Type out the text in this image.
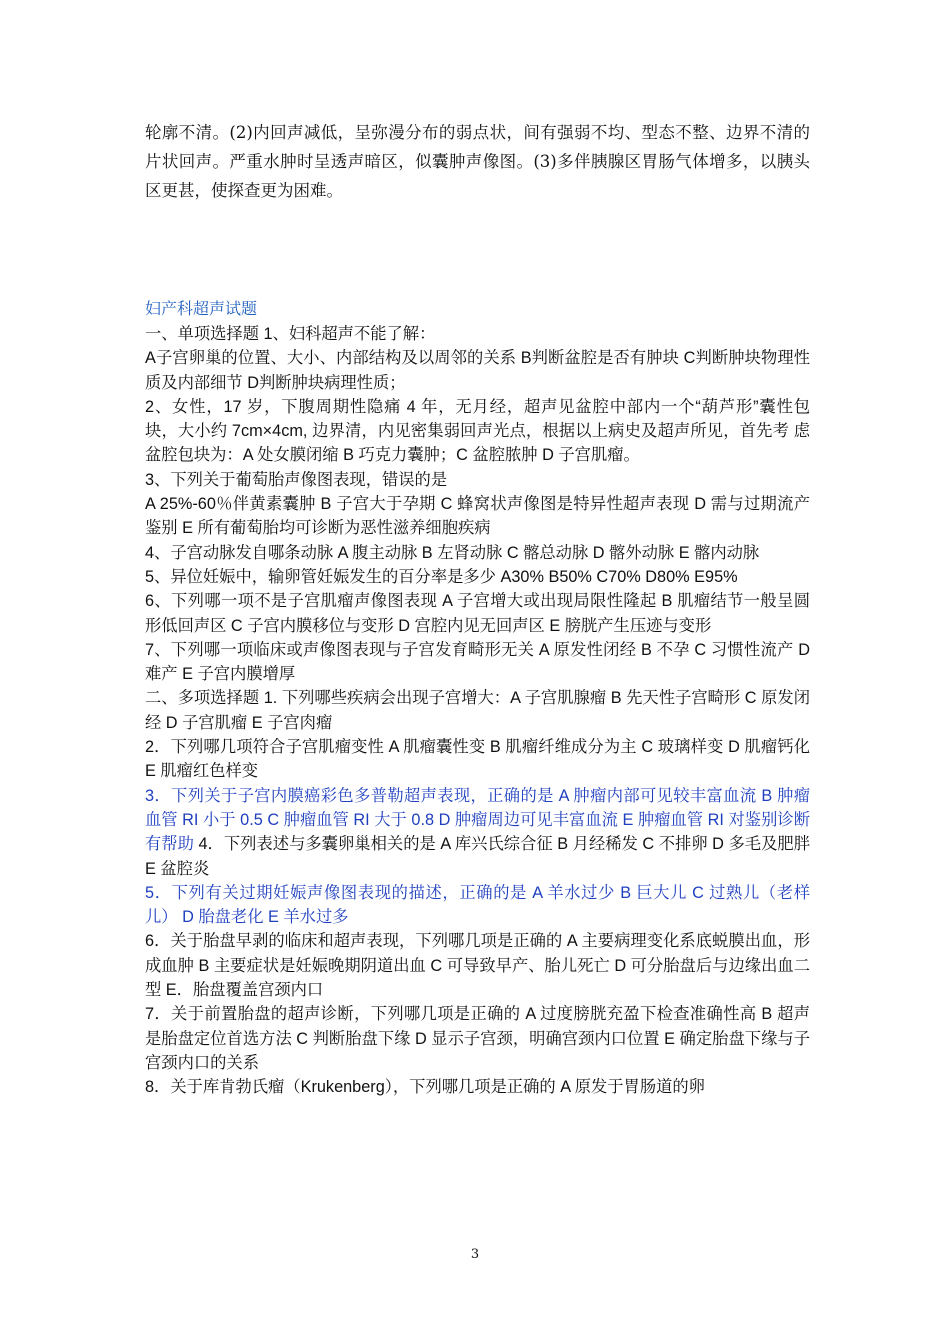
轮廓不清。(2)内回声减低，呈弥漫分布的弱点状，间有强弱不均、型态不整、边界不清的片状回声。严重水肿时呈透声暗区，似囊肿声像图。(3)多伴胰腺区胃肠气体增多，以胰头区更甚，使探查更为困难。

妇产科超声试题

一、单项选择题 1、妇科超声不能了解：

A子宫卵巢的位置、大小、内部结构及以周邻的关系 B判断盆腔是否有肿块 C判断肿块物理性质及内部细节 D判断肿块病理性质；

2、女性，17 岁，下腹周期性隐痛 4 年，无月经，超声见盆腔中部内一个“葫芦形”囊性包 块，大小约 7cm×4cm, 边界清，内见密集弱回声光点，根据以上病史及超声所见，首先考 虑盆腔包块为：A 处女膜闭缩 B 巧克力囊肿；C 盆腔脓肿 D 子宫肌瘤。

3、下列关于葡萄胎声像图表现，错误的是

A 25%-60％伴黄素囊肿 B 子宫大于孕期 C 蜂窝状声像图是特异性超声表现 D 需与过期流产鉴别 E 所有葡萄胎均可诊断为恶性滋养细胞疾病

4、子宫动脉发自哪条动脉 A 腹主动脉 B 左肾动脉 C 髂总动脉 D 髂外动脉 E 髂内动脉

5、异位妊娠中，输卵管妊娠发生的百分率是多少 A30% B50% C70% D80% E95%

6、下列哪一项不是子宫肌瘤声像图表现 A 子宫增大或出现局限性隆起 B 肌瘤结节一般呈圆形低回声区 C 子宫内膜移位与变形 D 宫腔内见无回声区 E 膀胱产生压迹与变形

7、下列哪一项临床或声像图表现与子宫发育畸形无关 A 原发性闭经 B 不孕 C 习惯性流产 D 难产 E 子宫内膜增厚

二、多项选择题 1. 下列哪些疾病会出现子宫增大：A 子宫肌腺瘤 B 先天性子宫畸形 C 原发闭经 D 子宫肌瘤 E 子宫肉瘤

2．下列哪几项符合子宫肌瘤变性 A 肌瘤囊性变 B 肌瘤纤维成分为主 C 玻璃样变 D 肌瘤钙化 E 肌瘤红色样变

3．下列关于子宫内膜癌彩色多普勒超声表现，正确的是 A 肿瘤内部可见较丰富血流 B 肿瘤血管 RI 小于 0.5 C 肿瘤血管 RI 大于 0.8 D 肿瘤周边可见丰富血流 E 肿瘤血管 RI 对鉴别诊断有帮助 4．下列表述与多囊卵巢相关的是 A 库兴氏综合征 B 月经稀发 C 不排卵 D 多毛及肥胖 E 盆腔炎

5．下列有关过期妊娠声像图表现的描述，正确的是 A 羊水过少 B 巨大儿 C 过熟儿（老样儿） D 胎盘老化 E 羊水过多

6．关于胎盘早剥的临床和超声表现，下列哪几项是正确的 A 主要病理变化系底蜕膜出血，形成血肿 B 主要症状是妊娠晚期阴道出血 C 可导致早产、胎儿死亡 D 可分胎盘后与边缘出血二型 E．胎盘覆盖宫颈内口

7．关于前置胎盘的超声诊断，下列哪几项是正确的 A 过度膀胱充盈下检查准确性高 B 超声是胎盘定位首选方法 C 判断胎盘下缘 D 显示子宫颈，明确宫颈内口位置 E 确定胎盘下缘与子宫颈内口的关系

8．关于库肯勃氏瘤（Krukenberg），下列哪几项是正确的 A 原发于胃肠道的卵

3
